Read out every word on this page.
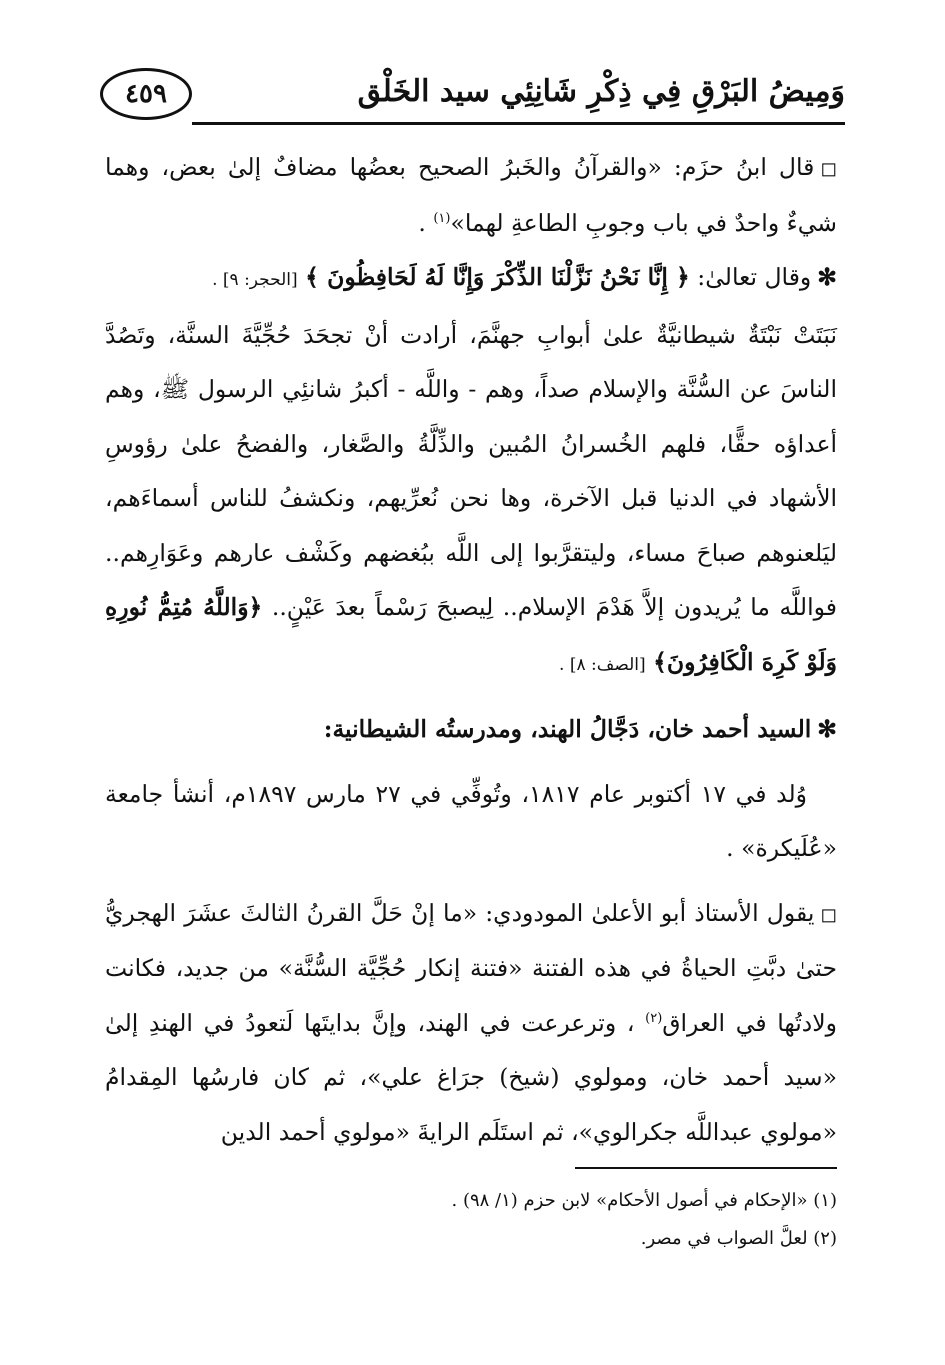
وَمِيضُ البَرْقِ فِي ذِكْرِ شَانِئِي سيد الخَلْق
٤٥٩

◻قال ابنُ حزَم: «والقرآنُ والخَبرُ الصحيح بعضُها مضافٌ إلىٰ بعض، وهما شيءٌ واحدٌ في باب وجوبِ الطاعةِ لهما»$^{(١)}$ .

✻وقال تعالىٰ: ﴿ إِنَّا نَحْنُ نَزَّلْنَا الذِّكْرَ وَإِنَّا لَهُ لَحَافِظُونَ ﴾ [الحجر: ٩] .

نَبَتَتْ نَبْتَةٌ شيطانيَّةٌ علىٰ أبوابِ جهنَّمَ، أرادت أنْ تجحَدَ حُجِّيَّةَ السنَّة، وتَصُدَّ الناسَ عن السُّنَّة والإسلام صداً، وهم - واللَّه - أكبرُ شانئِي الرسول ﷺ، وهم أعداؤه حقًّا، فلهم الخُسرانُ المُبين والذِّلَّةُ والصَّغار، والفضحُ علىٰ رؤوسِ الأشهاد في الدنيا قبل الآخرة، وها نحن نُعرِّيهم، ونكشفُ للناس أسماءَهم، ليَلعنوهم صباحَ مساء، وليتقرَّبوا إلى اللَّه ببُغضهم وكَشْف عارهم وعَوَارِهم.. فواللَّه ما يُريدون إلاَّ هَدْمَ الإسلام.. لِيصبحَ رَسْماً بعدَ عَيْنٍ.. ﴿وَاللَّهُ مُتِمُّ نُورِهِ وَلَوْ كَرِهَ الْكَافِرُونَ﴾ [الصف: ٨] .

✻السيد أحمد خان، دَجَّالُ الهند، ومدرستُه الشيطانية:

وُلد في ١٧ أكتوبر عام ١٨١٧، وتُوفِّي في ٢٧ مارس ١٨٩٧م، أنشأ جامعة «عُلَيكرة» .

◻يقول الأستاذ أبو الأعلىٰ المودودي: «ما إنْ حَلَّ القرنُ الثالثَ عشَرَ الهجريُّ حتىٰ دبَّتِ الحياةُ في هذه الفتنة «فتنة إنكار حُجِّيَّة السُّنَّة» من جديد، فكانت ولادتُها في العراق$^{(٢)}$ ، وترعرعت في الهند، وإنَّ بدايتَها لَتعودُ في الهندِ إلىٰ «سيد أحمد خان، ومولوي (شيخ) جرَاغ علي»، ثم كان فارسُها المِقدامُ «مولوي عبداللَّه جكرالوي»، ثم استَلَم الرايةَ «مولوي أحمد الدين

(١) «الإحكام في أصول الأحكام» لابن حزم (١/ ٩٨) .

(٢) لعلَّ الصواب في مصر.
